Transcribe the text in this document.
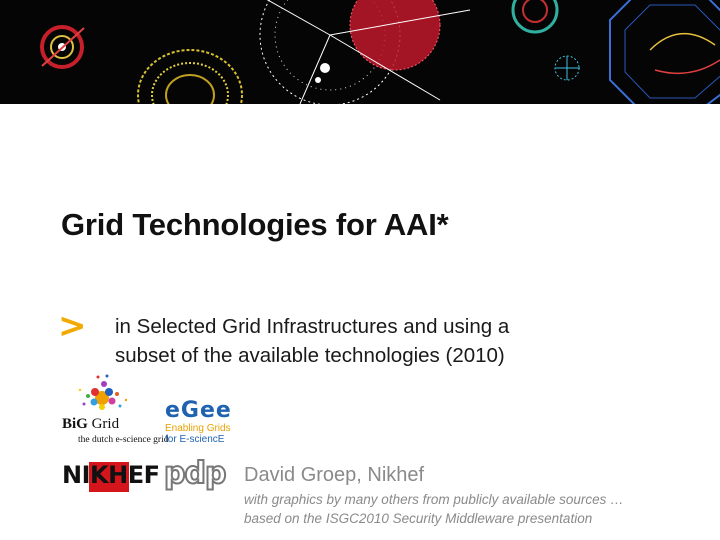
Grid Technologies for AAI*
> in Selected Grid Infrastructures and using a
subset of the available technologies (2010)
BiG Grid
the dutch e-science grid
eGee
Enabling Grids
for E-sciencE
NIKHEF pdp David Groep, Nikhef
with graphics by many others from publicly available sources …
based on the ISGC2010 Security Middleware presentation
